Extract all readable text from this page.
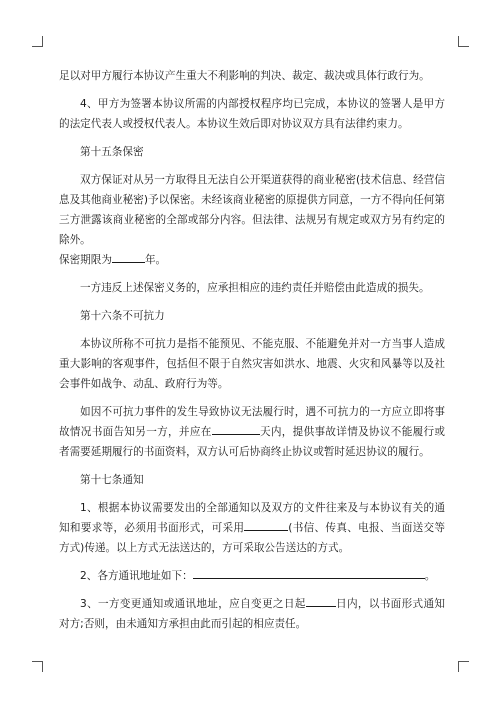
足以对甲方履行本协议产生重大不利影响的判决、裁定、裁决或具体行政行为。

4、甲方为签署本协议所需的内部授权程序均已完成，本协议的签署人是甲方的法定代表人或授权代表人。本协议生效后即对协议双方具有法律约束力。

第十五条保密

双方保证对从另一方取得且无法自公开渠道获得的商业秘密(技术信息、经营信息及其他商业秘密)予以保密。未经该商业秘密的原提供方同意，一方不得向任何第三方泄露该商业秘密的全部或部分内容。但法律、法规另有规定或双方另有约定的除外。

保密期限为	年。

一方违反上述保密义务的，应承担相应的违约责任并赔偿由此造成的损失。

第十六条不可抗力

本协议所称不可抗力是指不能预见、不能克服、不能避免并对一方当事人造成重大影响的客观事件，包括但不限于自然灾害如洪水、地震、火灾和风暴等以及社会事件如战争、动乱、政府行为等。

如因不可抗力事件的发生导致协议无法履行时，遇不可抗力的一方应立即将事故情况书面告知另一方，并应在	天内，提供事故详情及协议不能履行或者需要延期履行的书面资料，双方认可后协商终止协议或暂时延迟协议的履行。

第十七条通知

1、根据本协议需要发出的全部通知以及双方的文件往来及与本协议有关的通知和要求等，必须用书面形式，可采用	(书信、传真、电报、当面送交等方式)传递。以上方式无法送达的，方可采取公告送达的方式。

2、各方通讯地址如下：	。

3、一方变更通知或通讯地址，应自变更之日起	日内，以书面形式通知对方;否则，由未通知方承担由此而引起的相应责任。
